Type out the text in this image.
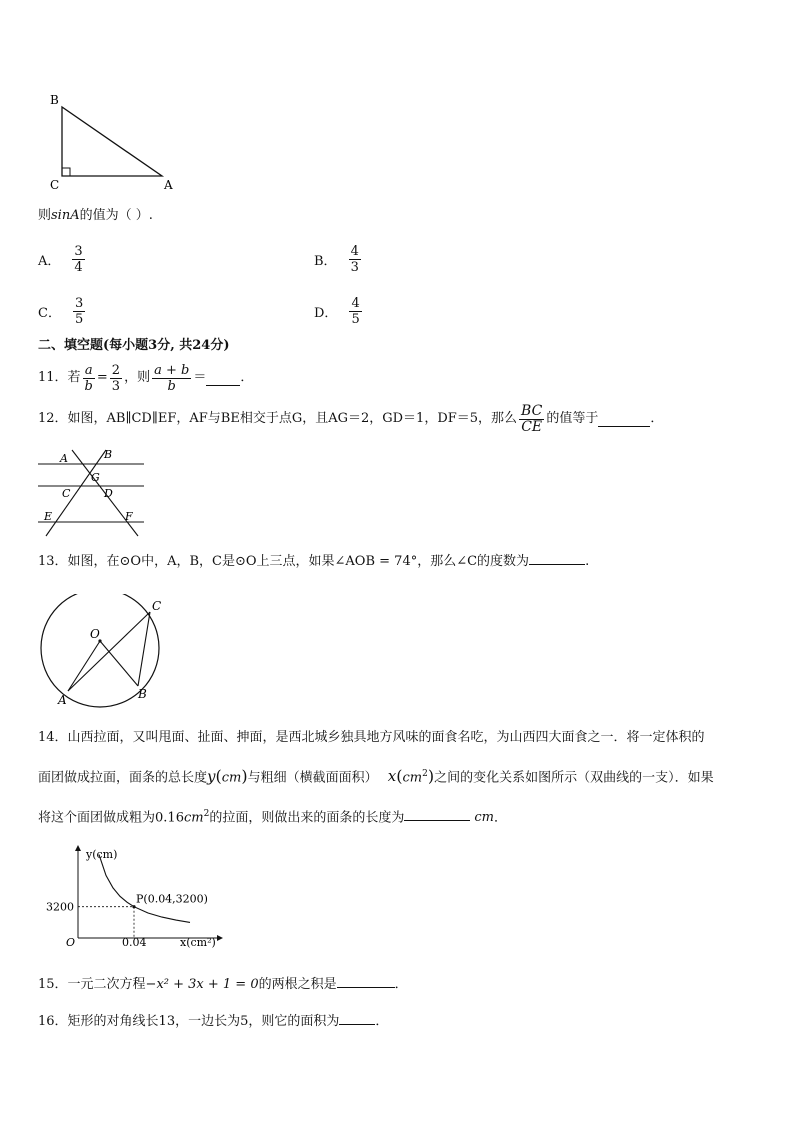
B
C	A
则sinA的值为（ ）.
A． $\frac{3}{4}$	B． $\frac{4}{3}$
C． $\frac{3}{5}$	D． $\frac{4}{5}$
二、填空题(每小题3分, 共24分)
11．若 $\frac{a}{b} = \frac{2}{3}$ ，则 $\frac{a + b}{b}$ ＝	．
12．如图，AB∥CD∥EF，AF与BE相交于点G，且AG＝2，GD＝1，DF＝5，那么 $\frac{BC}{CE}$ 的值等于	．
A	B
G
C	D
E	F
13．如图，在⊙O中，A，B，C是⊙O上三点，如果∠AOB = 74°，那么∠C的度数为	.
C
O
A	B
14．山西拉面，又叫甩面、扯面、抻面，是西北城乡独具地方风味的面食名吃，为山西四大面食之一．将一定体积的
面团做成拉面，面条的总长度y(cm)与粗细（横截面面积） $x(cm^2)$之间的变化关系如图所示（双曲线的一支）．如果
将这个面团做成粗为$0.16cm^2$的拉面，则做出来的面条的长度为	cm．
y(cm)
x(cm²)
O
3200
0.04
P(0.04,3200)
15．一元二次方程−x² + 3x + 1 = 0的两根之积是	．
16．矩形的对角线长13，一边长为5，则它的面积为	．
